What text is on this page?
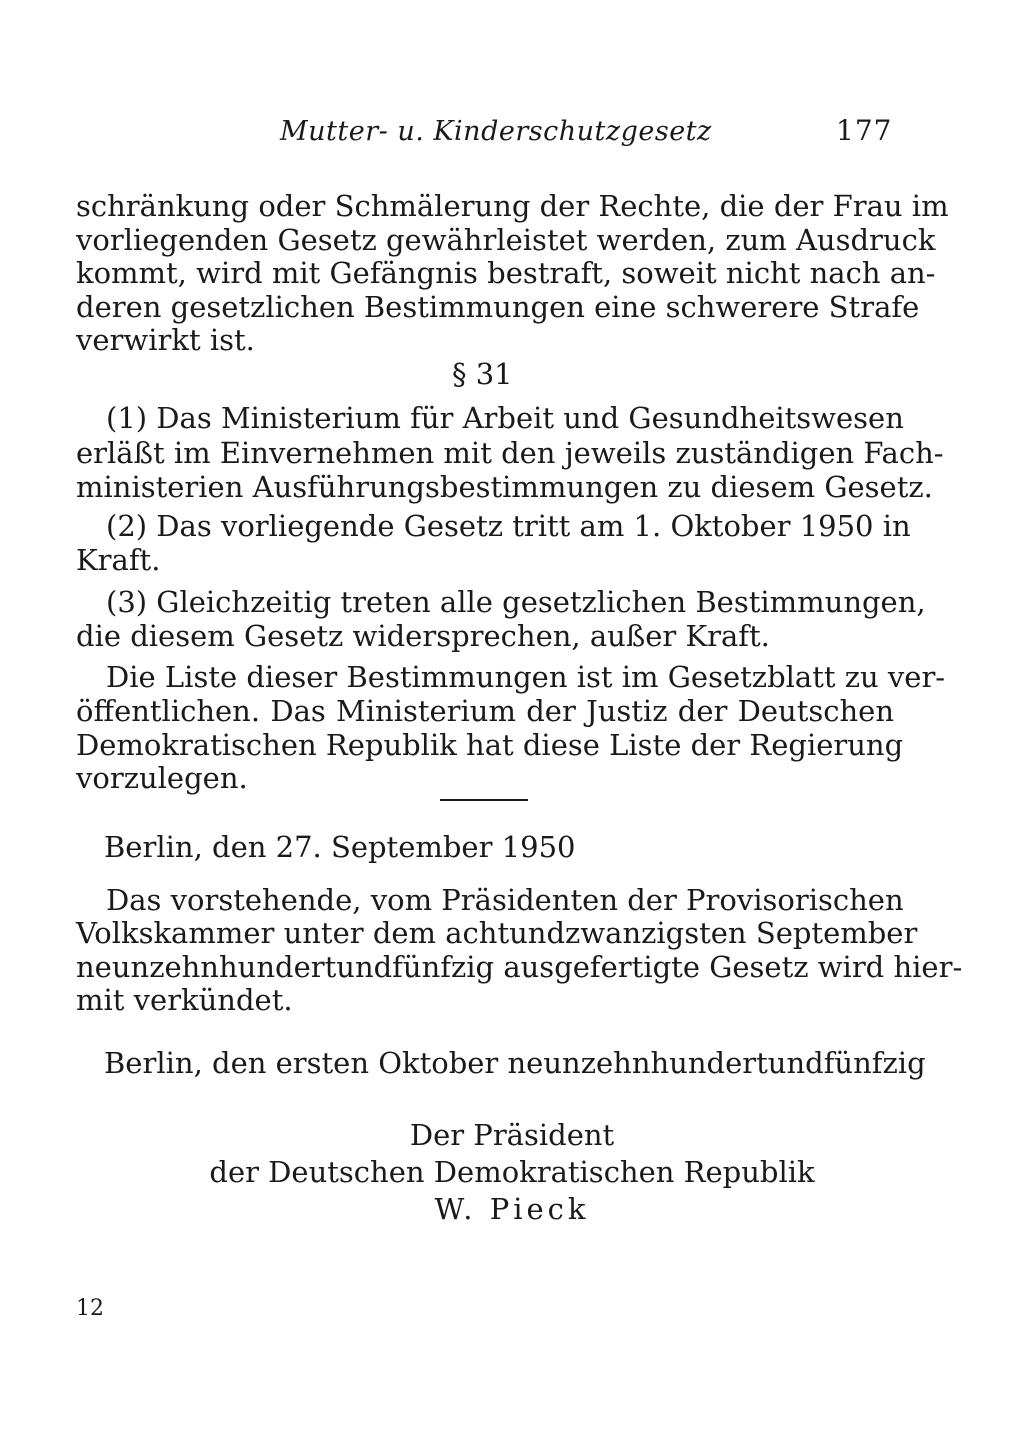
Mutter- u. Kinderschutzgesetz	177
schränkung oder Schmälerung der Rechte, die der Frau im
vorliegenden Gesetz gewährleistet werden, zum Ausdruck
kommt, wird mit Gefängnis bestraft, soweit nicht nach an-
deren gesetzlichen Bestimmungen eine schwerere Strafe
verwirkt ist.
§ 31
(1) Das Ministerium für Arbeit und Gesundheitswesen
erläßt im Einvernehmen mit den jeweils zuständigen Fach-
ministerien Ausführungsbestimmungen zu diesem Gesetz.
(2) Das vorliegende Gesetz tritt am 1. Oktober 1950 in
Kraft.
(3) Gleichzeitig treten alle gesetzlichen Bestimmungen,
die diesem Gesetz widersprechen, außer Kraft.
Die Liste dieser Bestimmungen ist im Gesetzblatt zu ver-
öffentlichen. Das Ministerium der Justiz der Deutschen
Demokratischen Republik hat diese Liste der Regierung
vorzulegen.
Berlin, den 27. September 1950
Das vorstehende, vom Präsidenten der Provisorischen
Volkskammer unter dem achtundzwanzigsten September
neunzehnhundertundfünfzig ausgefertigte Gesetz wird hier-
mit verkündet.
Berlin, den ersten Oktober neunzehnhundertundfünfzig
Der Präsident
der Deutschen Demokratischen Republik
W. Pieck
12
